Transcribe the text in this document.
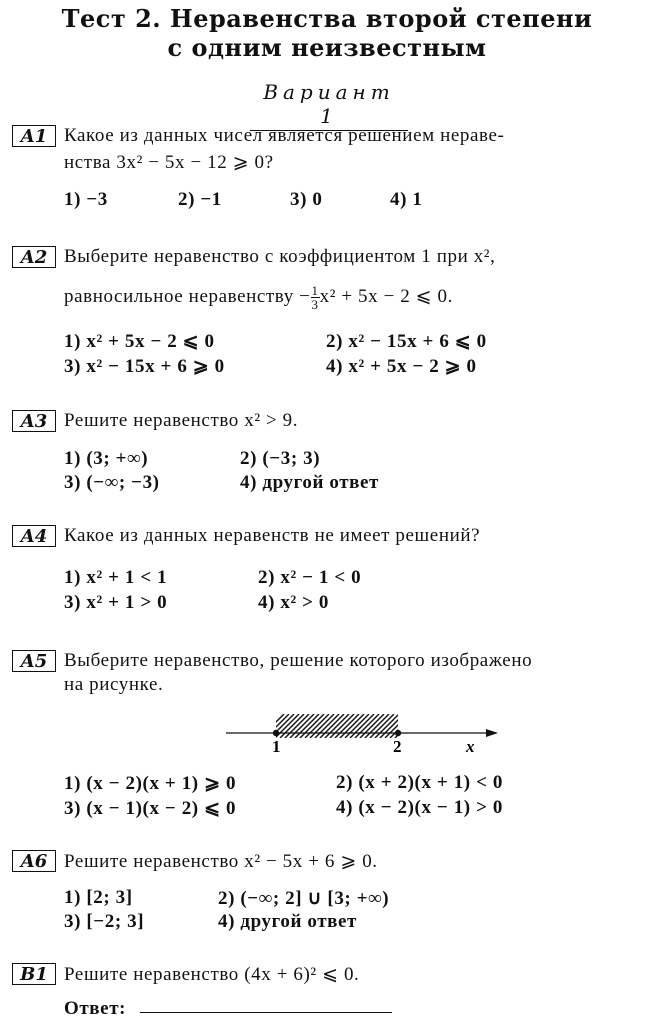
Тест 2. Неравенства второй степени
с одним неизвестным
Вариант 1
A1 Какое из данных чисел является решением нераве-
нства 3x² − 5x − 12 ⩾ 0?
1) −3	2) −1	3) 0	4) 1
A2 Выберите неравенство с коэффициентом 1 при x²,
равносильное неравенству − $\frac{1}{3} x^2 + 5x - 2$ ⩽ 0.
1) x² + 5x − 2 ⩽ 0	2) x² − 15x + 6 ⩽ 0
3) x² − 15x + 6 ⩾ 0	4) x² + 5x − 2 ⩾ 0
A3 Решите неравенство x² > 9.
1) (3; +∞)	2) (−3; 3)
3) (−∞; −3)	4) другой ответ
A4 Какое из данных неравенств не имеет решений?
1) x² + 1 < 1	2) x² − 1 < 0
3) x² + 1 > 0	4) x² > 0
A5 Выберите неравенство, решение которого изображено
на рисунке.
1	2	x
1) (x − 2)(x + 1) ⩾ 0	2) (x + 2)(x + 1) < 0
3) (x − 1)(x − 2) ⩽ 0	4) (x − 2)(x − 1) > 0
A6 Решите неравенство x² − 5x + 6 ⩾ 0.
1) [2; 3]	2) (−∞; 2] ∪ [3; +∞)
3) [−2; 3]	4) другой ответ
B1 Решите неравенство (4x + 6)² ⩽ 0.
Ответ:
